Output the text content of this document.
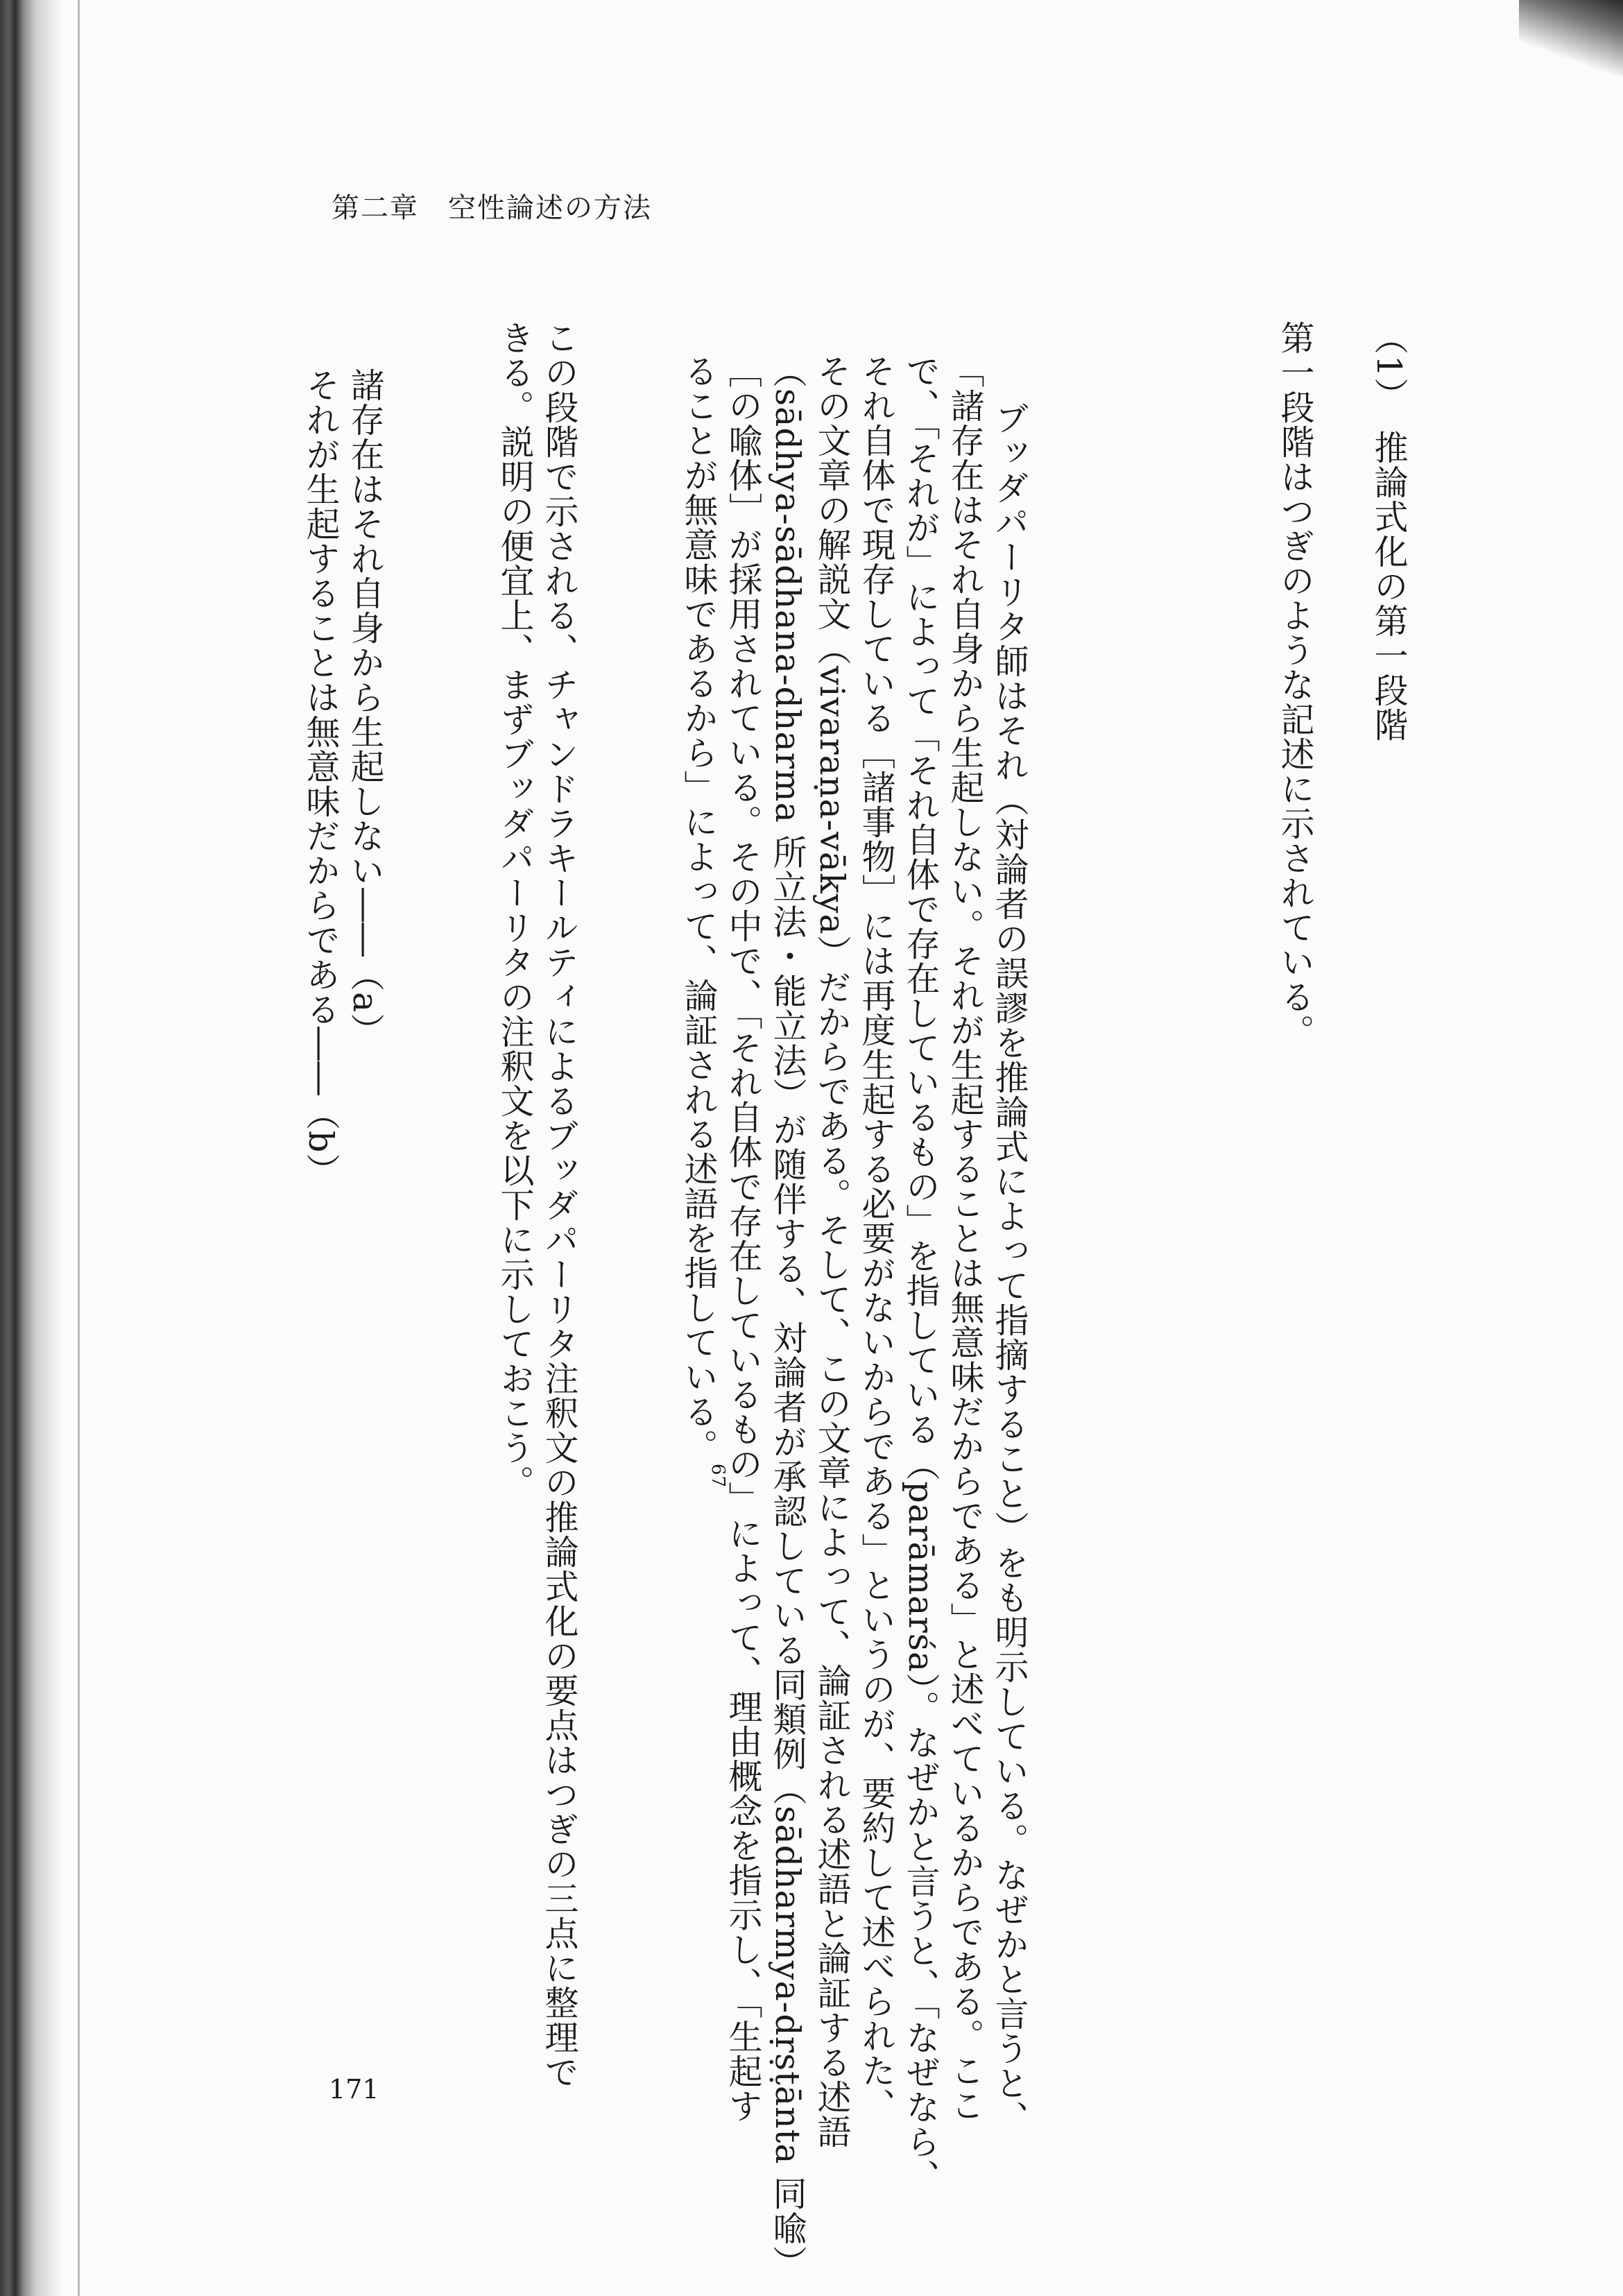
第二章　空性論述の方法
（1）　推論式化の第一段階
第一段階はつぎのような記述に示されている。

ブッダパーリタ師はそれ（対論者の誤謬を推論式によって指摘すること）をも明示している。なぜかと言うと、

「諸存在はそれ自身から生起しない。それが生起することは無意味だからである」と述べているからである。ここ

で、「それが」によって「それ自体で存在しているもの」を指している（parāmarśa）。なぜかと言うと、「なぜなら、

それ自体で現存している［諸事物］には再度生起する必要がないからである」というのが、要約して述べられた、

その文章の解説文（vivaraṇa-vākya）だからである。そして、この文章によって、論証される述語と論証する述語

（sādhya-sādhana-dharma 所立法・能立法）が随伴する、対論者が承認している同類例（sādharmya-dṛṣṭānta 同喩）

［の喩体］が採用されている。その中で、「それ自体で存在しているもの」によって、理由概念を指示し、「生起す

ることが無意味であるから」によって、論証される述語を指している。67

この段階で示される、チャンドラキールティによるブッダパーリタ注釈文の推論式化の要点はつぎの三点に整理で

きる。説明の便宜上、まずブッダパーリタの注釈文を以下に示しておこう。

諸存在はそれ自身から生起しない――（a）

それが生起することは無意味だからである――（b）

171
